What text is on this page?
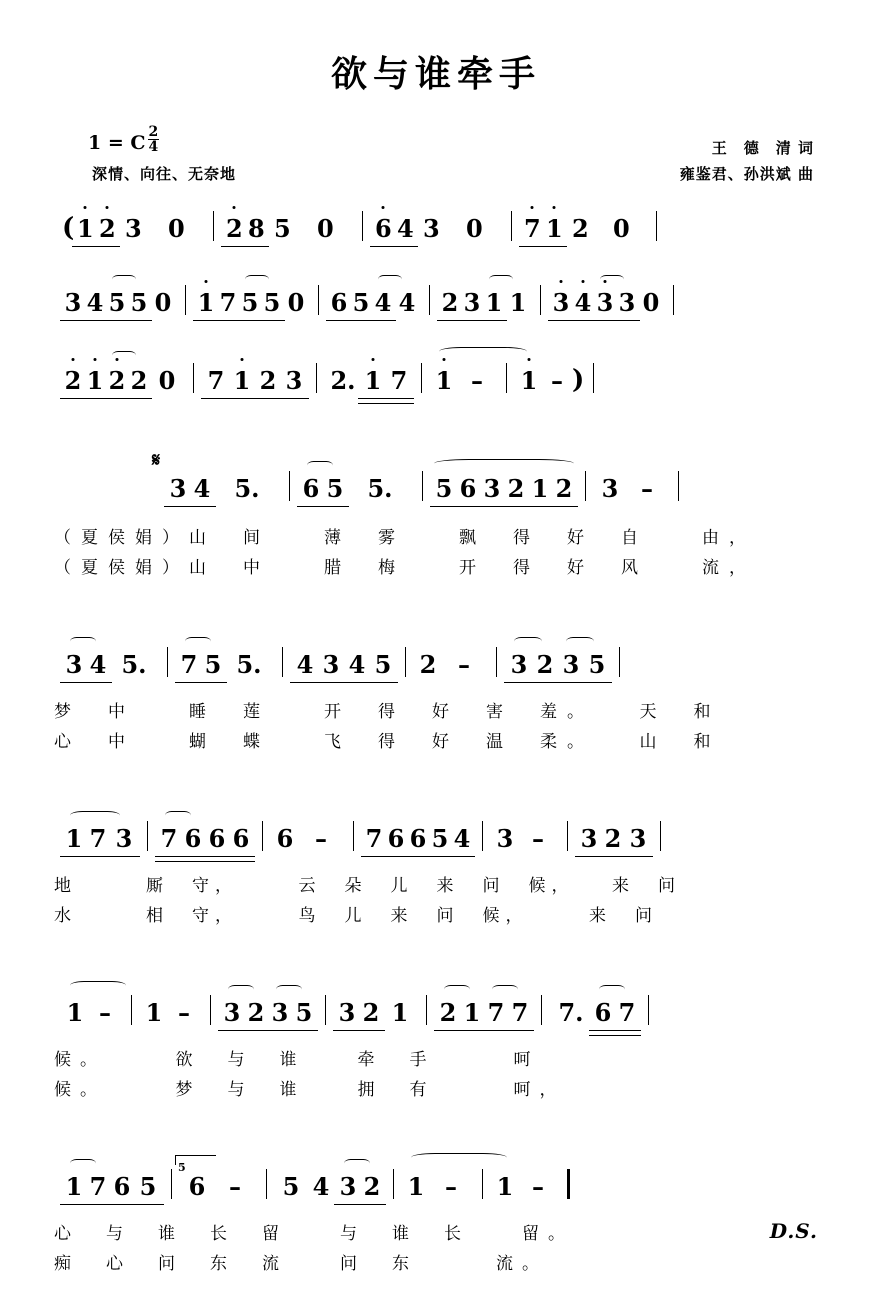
欲与谁牵手
1 = C $\frac{2}{4}$
深情、向往、无奈地
王　德　清 词
雍鉴君、孙洪斌 曲
( 1 2 3	0	2 8 5	0	6 4 3	0	7 1 2	0
3 4 5 5 0 1 7 5 5 0 6 5 4 4 2 3 1 1 3 4 3 3 0
2 1 2 2 0	7 1 2 3 2. 1 7 1 –	1 – )
𝄋
3 4	5.	6 5	5.	5 6 3 2 1 2 3 –
（夏侯娟）山　间　　薄　雾　　飘　得　好　自　　由，
（夏侯娟）山　中　　腊　梅　　开　得　好　风　　流，
3 4 5.	7 5 5.	4 3 4 5 2 –	3 2 3 5
梦　中　　睡　莲　　开　得　好　害　羞。　　天　和
心　中　　蝴　蝶　　飞　得　好　温　柔。　　山　和
1 7 3 7 6 6 6 6 –	7 6 6 5 4 3 –	3 2 3
地　　　厮　守，　　　云　朵　儿　来　问　候，　　来　问
水　　　相　守，　　　鸟　儿　来　问　候，　　　来　问
1 –	1 –	3 2 3 5 3 2 1	2 1 7 7	7. 6 7
候。　　　欲　与　谁　　牵　手　　　呵
候。　　　梦　与　谁　　拥　有　　　呵，
1 7 6 5	6
5
–	5 4 3 2 1 –	1 –
心　与　谁　长　留　　与　谁　长　　留。	D.S.
痴　心　问　东　流　　问　东　　　流。
